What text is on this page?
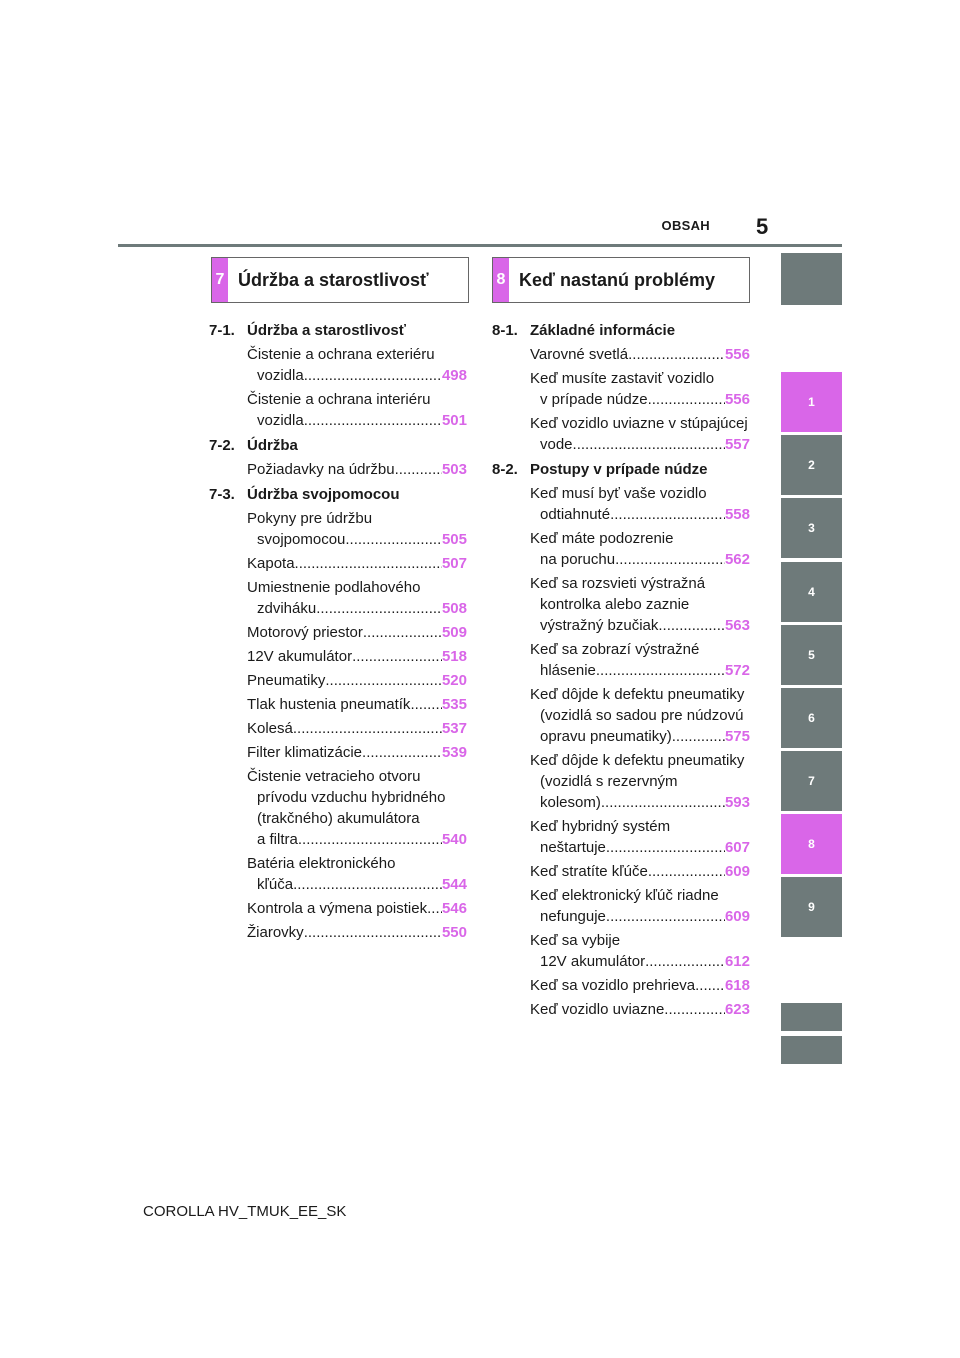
OBSAH 5
7 Údržba a starostlivosť	8 Keď nastanú problémy
7-1. Údržba a starostlivosť
Čistenie a ochrana exteriéru
vozidla .....	498
Čistenie a ochrana interiéru
vozidla .....	501
7-2. Údržba
Požiadavky na údržbu .....	503
7-3. Údržba svojpomocou
Pokyny pre údržbu
svojpomocou .....	505
Kapota .....	507
Umiestnenie podlahového
zdviháku .....	508
Motorový priestor .....	509
12V akumulátor .....	518
Pneumatiky .....	520
Tlak hustenia pneumatík ..... 535
Kolesá .....	537
Filter klimatizácie .....	539
Čistenie vetracieho otvoru
prívodu vzduchu hybridného
(trakčného) akumulátora
a filtra .....	540
Batéria elektronického
kľúča .....	544
Kontrola a výmena poistiek ..... 546
Žiarovky .....	550
8-1. Základné informácie
Varovné svetlá .....	556
Keď musíte zastaviť vozidlo
v prípade núdze .....	556
Keď vozidlo uviazne v stúpajúcej
vode .....	557
8-2. Postupy v prípade núdze
Keď musí byť vaše vozidlo
odtiahnuté .....	558
Keď máte podozrenie
na poruchu .....	562
Keď sa rozsvieti výstražná
kontrolka alebo zaznie
výstražný bzučiak .....	563
Keď sa zobrazí výstražné
hlásenie .....	572
Keď dôjde k defektu pneumatiky
(vozidlá so sadou pre núdzovú
opravu pneumatiky) .....	575
Keď dôjde k defektu pneumatiky
(vozidlá s rezervným
kolesom) .....	593
Keď hybridný systém
neštartuje .....	607
Keď stratíte kľúče .....	609
Keď elektronický kľúč riadne
nefunguje .....	609
Keď sa vybije
12V akumulátor .....	612
Keď sa vozidlo prehrieva ..... 618
Keď vozidlo uviazne .....	623
1
2
3
4
5
6
7
8
9
COROLLA HV_TMUK_EE_SK
